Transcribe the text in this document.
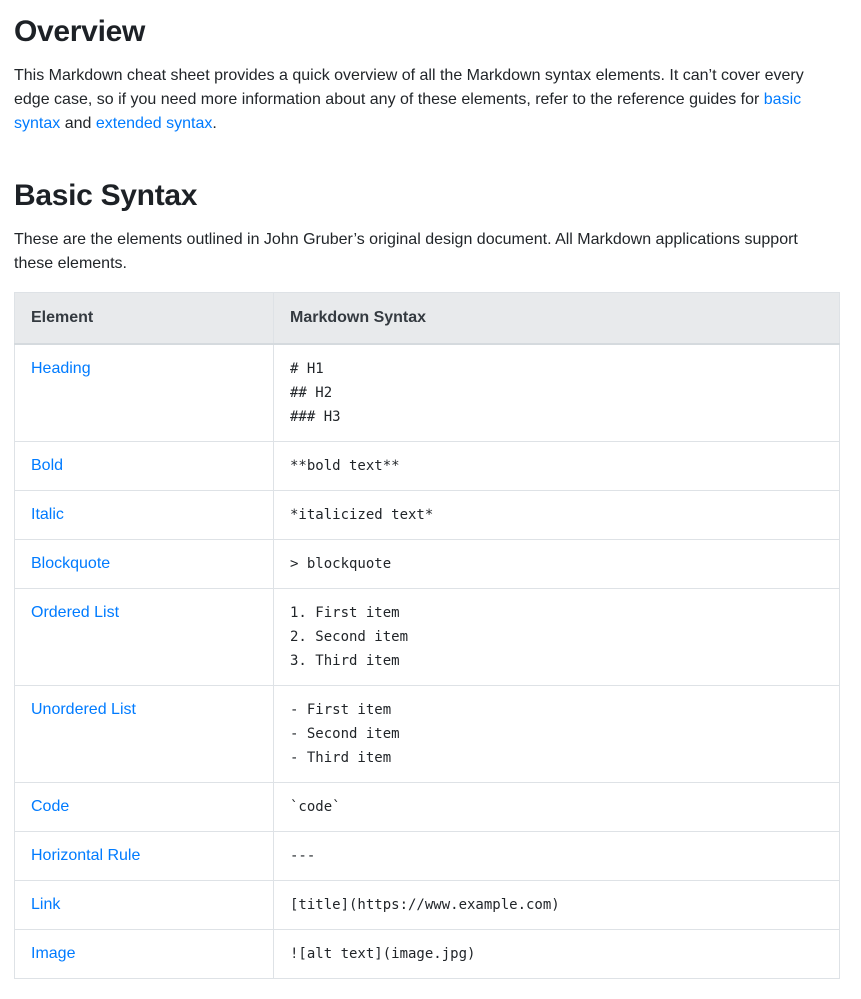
Overview

This Markdown cheat sheet provides a quick overview of all the Markdown syntax elements. It can’t cover every edge case, so if you need more information about any of these elements, refer to the reference guides for basic syntax and extended syntax.

Basic Syntax

These are the elements outlined in John Gruber’s original design document. All Markdown applications support these elements.

Element	Markdown Syntax
Heading	# H1
## H2
### H3

Bold	**bold text**

Italic	*italicized text*

Blockquote	> blockquote

Ordered List	1. First item
2. Second item
3. Third item

Unordered List	- First item
- Second item
- Third item

Code	`code`

Horizontal Rule	---

Link	[title](https://www.example.com)

Image	![alt text](image.jpg)
